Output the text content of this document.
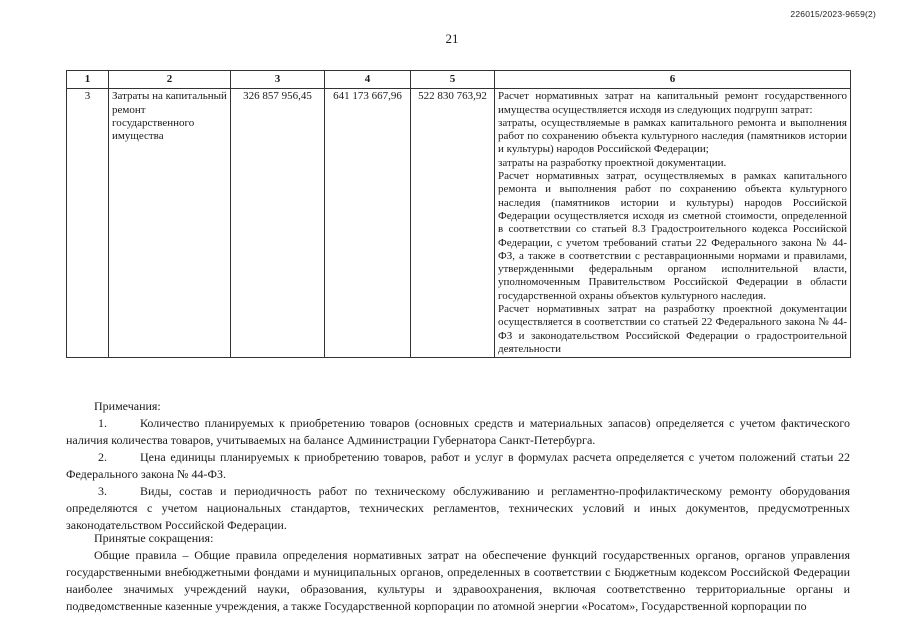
226015/2023-9659(2)
21
1	2	3	4	5	6
3	Затраты на капитальный ремонт государственного имущества	326 857 956,45	641 173 667,96	522 830 763,92	Расчет нормативных затрат на капитальный ремонт государственного имущества осуществляется исходя из следующих подгрупп затрат:

затраты, осуществляемые в рамках капитального ремонта и выполнения работ по сохранению объекта культурного наследия (памятников истории и культуры) народов Российской Федерации;

затраты на разработку проектной документации.

Расчет нормативных затрат, осуществляемых в рамках капитального ремонта и выполнения работ по сохранению объекта культурного наследия (памятников истории и культуры) народов Российской Федерации осуществляется исходя из сметной стоимости, определенной в соответствии со статьей 8.3 Градостроительного кодекса Российской Федерации, с учетом требований статьи 22 Федерального закона № 44-ФЗ, а также в соответствии с реставрационными нормами и правилами, утвержденными федеральным органом исполнительной власти, уполномоченным Правительством Российской Федерации в области государственной охраны объектов культурного наследия.

Расчет нормативных затрат на разработку проектной документации осуществляется в соответствии со статьей 22 Федерального закона № 44-ФЗ и законодательством Российской Федерации о градостроительной деятельности

Примечания:

1.	Количество планируемых к приобретению товаров (основных средств и материальных запасов) определяется с учетом фактического наличия количества товаров, учитываемых на балансе Администрации Губернатора Санкт-Петербурга.

2.	Цена единицы планируемых к приобретению товаров, работ и услуг в формулах расчета определяется с учетом положений статьи 22 Федерального закона № 44-ФЗ.

3.	Виды, состав и периодичность работ по техническому обслуживанию и регламентно-профилактическому ремонту оборудования определяются с учетом национальных стандартов, технических регламентов, технических условий и иных документов, предусмотренных законодательством Российской Федерации.

Принятые сокращения:

Общие правила – Общие правила определения нормативных затрат на обеспечение функций государственных органов, органов управления государственными внебюджетными фондами и муниципальных органов, определенных в соответствии с Бюджетным кодексом Российской Федерации наиболее значимых учреждений науки, образования, культуры и здравоохранения, включая соответственно территориальные органы и подведомственные казенные учреждения, а также Государственной корпорации по атомной энергии «Росатом», Государственной корпорации по
